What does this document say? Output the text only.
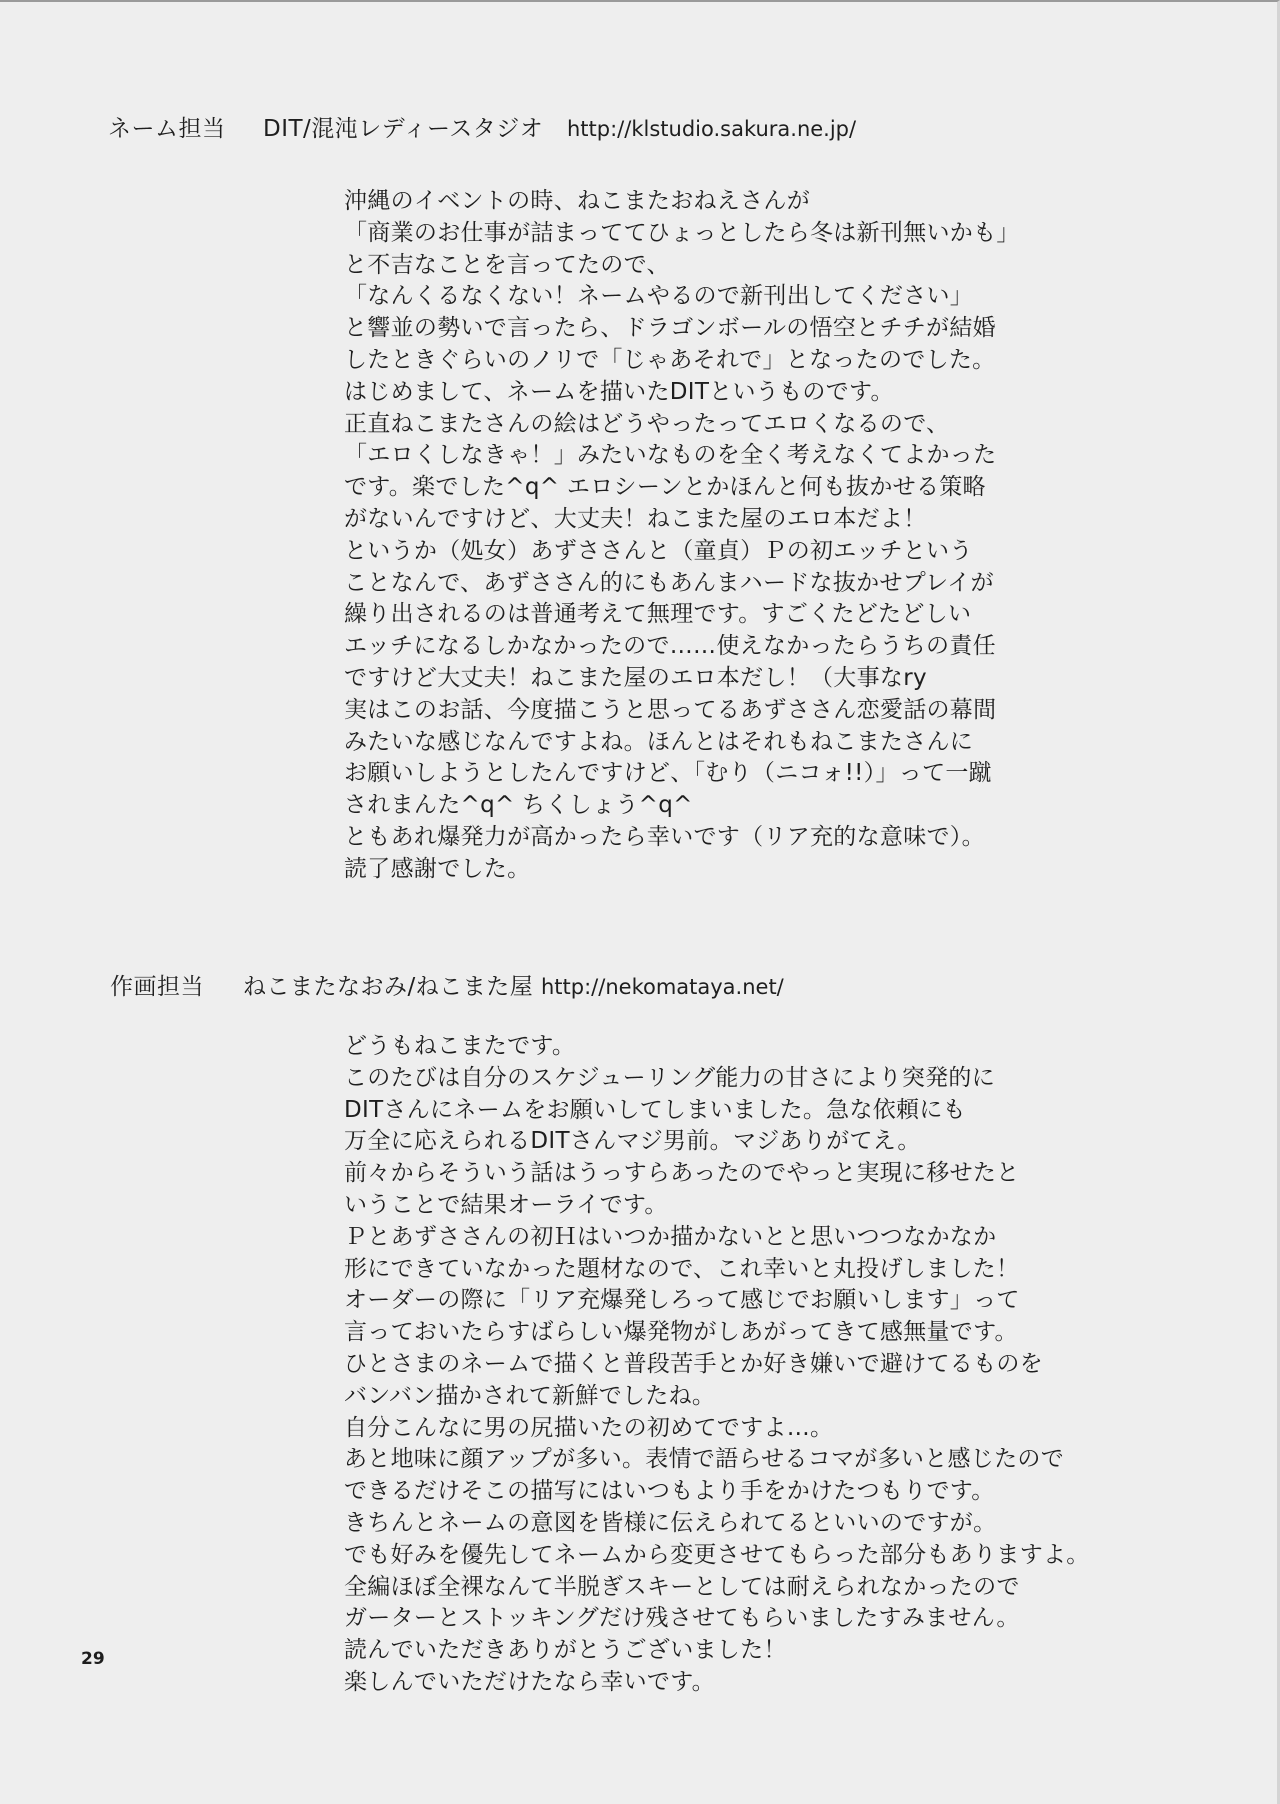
ネーム担当 DIT/混沌レディースタジオ http://klstudio.sakura.ne.jp/
沖縄のイベントの時、ねこまたおねえさんが
「商業のお仕事が詰まっててひょっとしたら冬は新刊無いかも」
と不吉なことを言ってたので、
「なんくるなくない！ネームやるので新刊出してください」
と響並の勢いで言ったら、ドラゴンボールの悟空とチチが結婚
したときぐらいのノリで「じゃあそれで」となったのでした。
はじめまして、ネームを描いたDITというものです。
正直ねこまたさんの絵はどうやったってエロくなるので、
「エロくしなきゃ！」みたいなものを全く考えなくてよかった
です。楽でした^q^ エロシーンとかほんと何も抜かせる策略
がないんですけど、大丈夫！ねこまた屋のエロ本だよ！
というか（処女）あずささんと（童貞）Ｐの初エッチという
ことなんで、あずささん的にもあんまハードな抜かせプレイが
繰り出されるのは普通考えて無理です。すごくたどたどしい
エッチになるしかなかったので……使えなかったらうちの責任
ですけど大丈夫！ねこまた屋のエロ本だし！（大事なry
実はこのお話、今度描こうと思ってるあずささん恋愛話の幕間
みたいな感じなんですよね。ほんとはそれもねこまたさんに
お願いしようとしたんですけど、「むり（ニコォ!!）」って一蹴
されまんた^q^ ちくしょう^q^
ともあれ爆発力が高かったら幸いです（リア充的な意味で）。
読了感謝でした。
作画担当 ねこまたなおみ/ねこまた屋 http://nekomataya.net/
どうもねこまたです。
このたびは自分のスケジューリング能力の甘さにより突発的に
DITさんにネームをお願いしてしまいました。急な依頼にも
万全に応えられるDITさんマジ男前。マジありがてえ。
前々からそういう話はうっすらあったのでやっと実現に移せたと
いうことで結果オーライです。
Ｐとあずささんの初Ｈはいつか描かないとと思いつつなかなか
形にできていなかった題材なので、これ幸いと丸投げしました！
オーダーの際に「リア充爆発しろって感じでお願いします」って
言っておいたらすばらしい爆発物がしあがってきて感無量です。
ひとさまのネームで描くと普段苦手とか好き嫌いで避けてるものを
バンバン描かされて新鮮でしたね。
自分こんなに男の尻描いたの初めてですよ…。
あと地味に顔アップが多い。表情で語らせるコマが多いと感じたので
できるだけそこの描写にはいつもより手をかけたつもりです。
きちんとネームの意図を皆様に伝えられてるといいのですが。
でも好みを優先してネームから変更させてもらった部分もありますよ。
全編ほぼ全裸なんて半脱ぎスキーとしては耐えられなかったので
ガーターとストッキングだけ残させてもらいましたすみません。
読んでいただきありがとうございました！
楽しんでいただけたなら幸いです。
29
